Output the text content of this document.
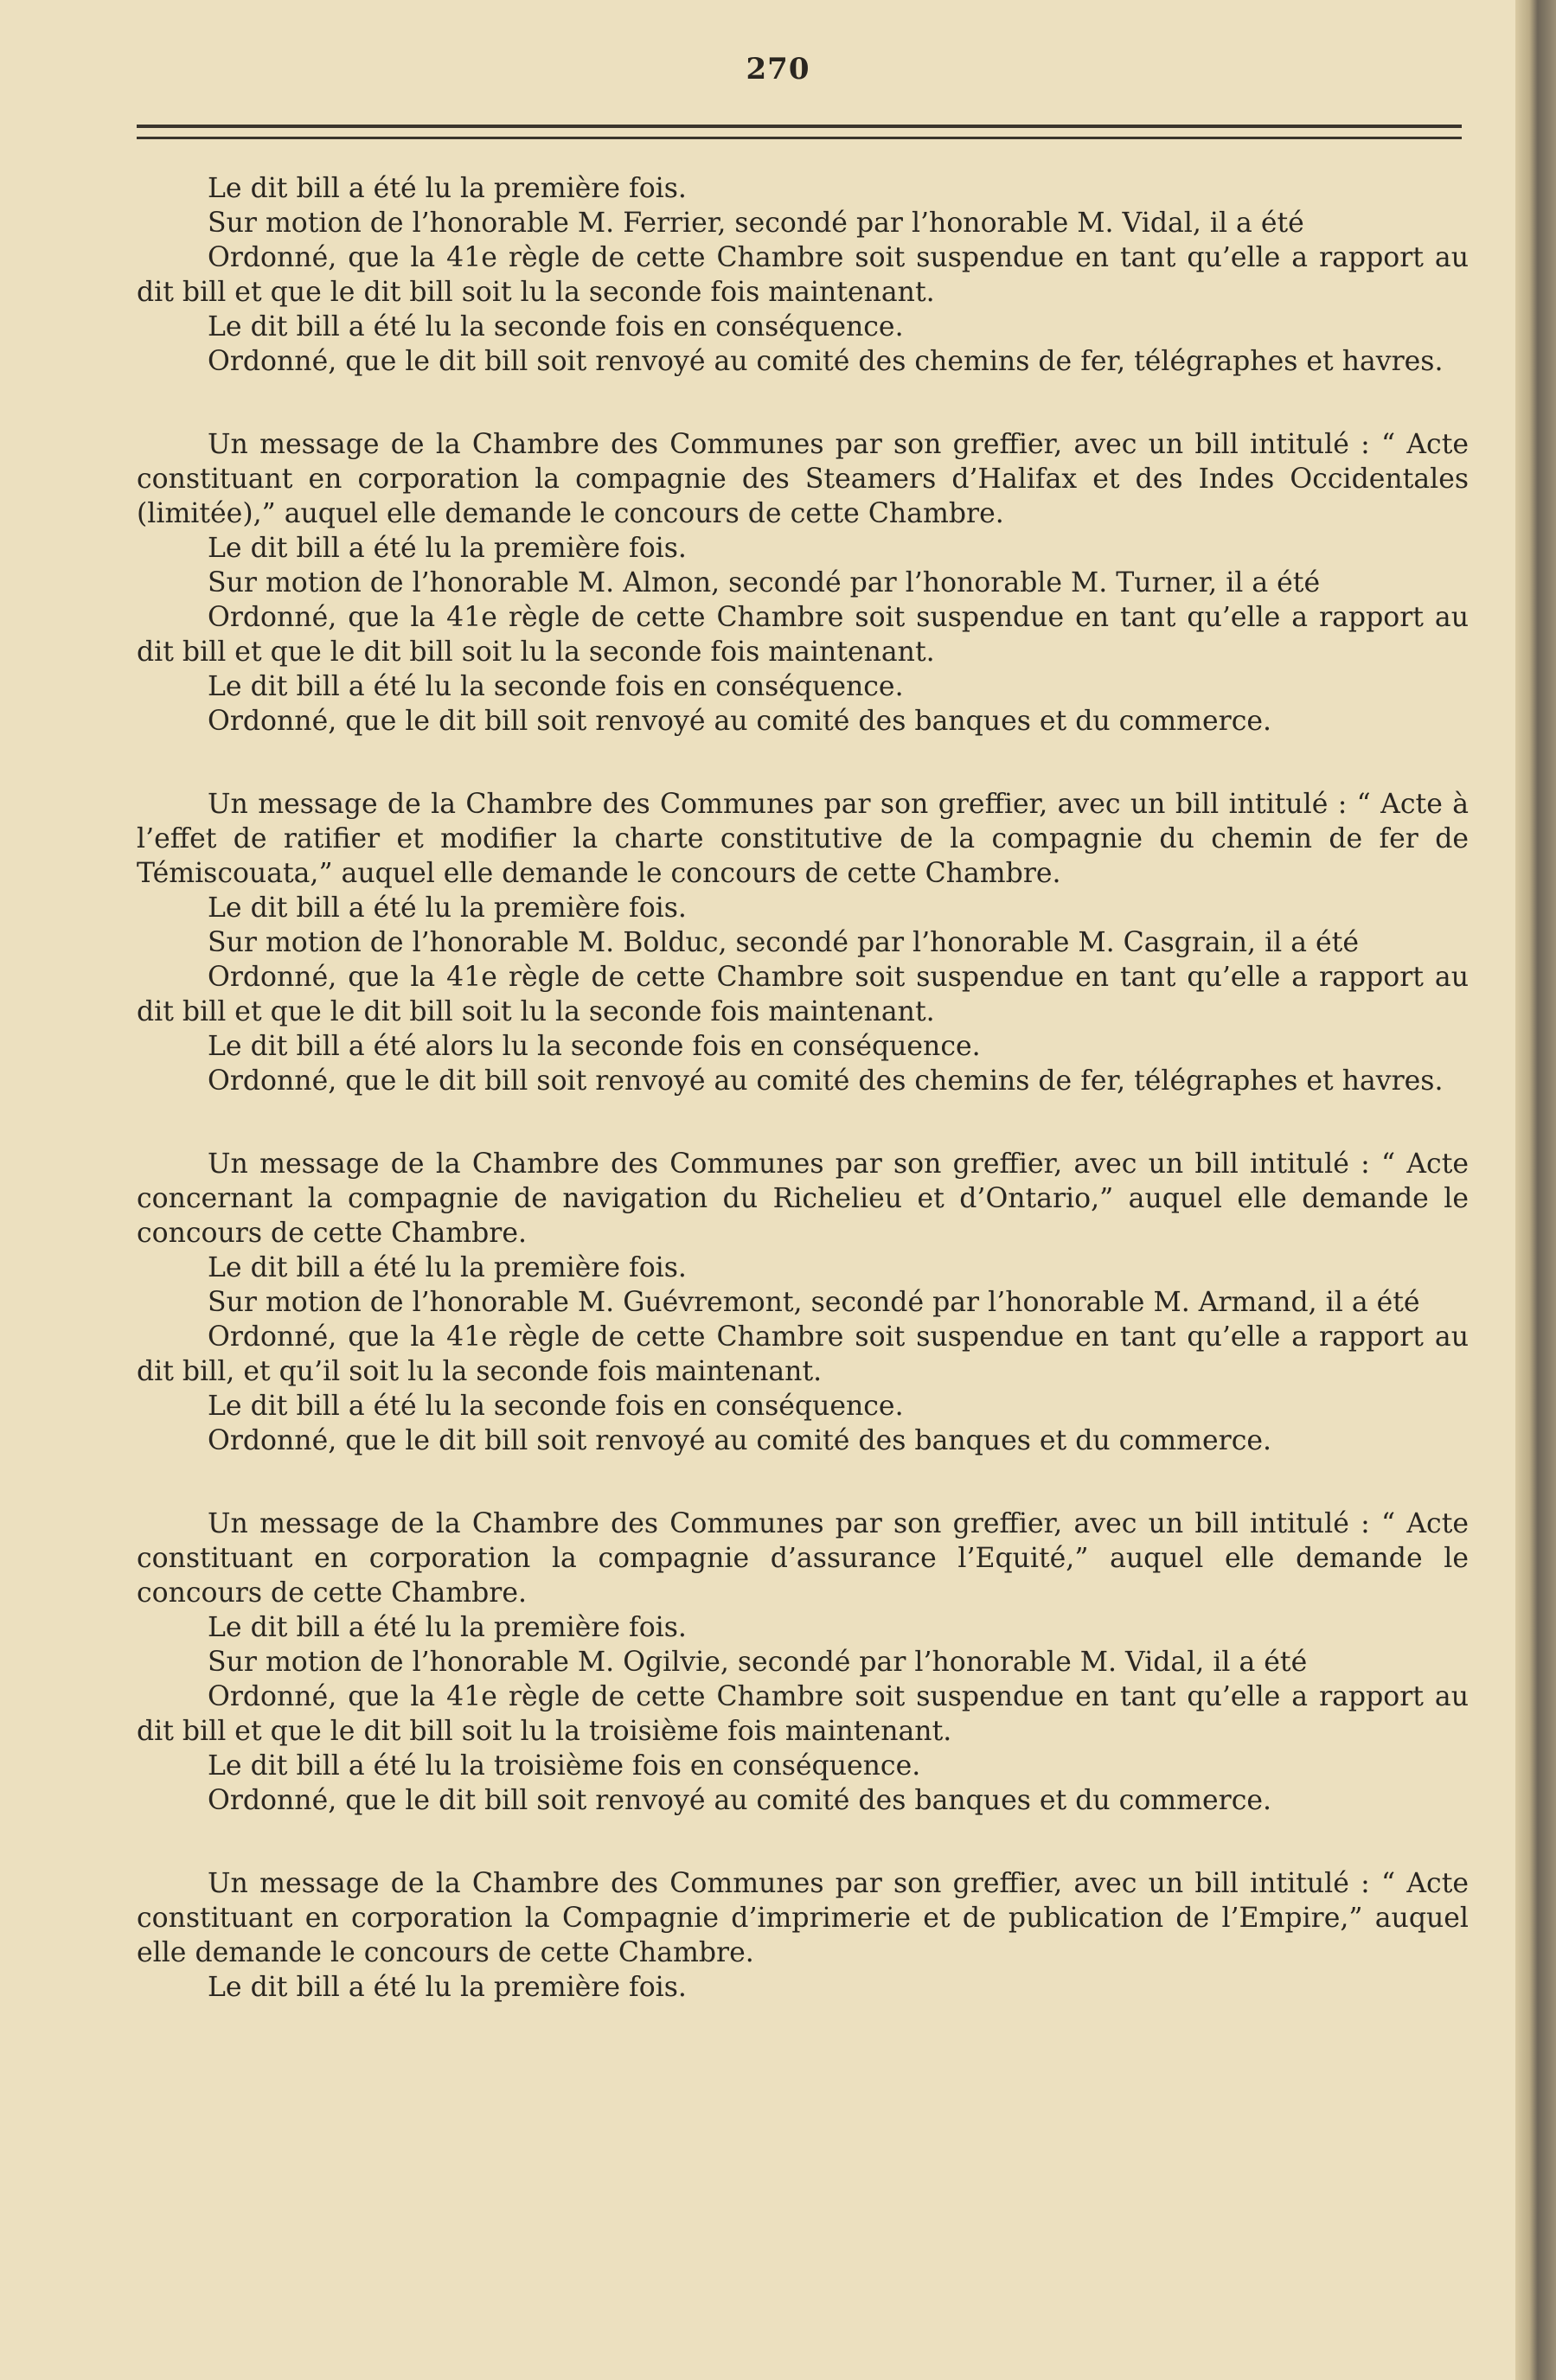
270

Le dit bill a été lu la première fois.

Sur motion de l’honorable M. Ferrier, secondé par l’honorable M. Vidal, il a été

Ordonné, que la 41e règle de cette Chambre soit suspendue en tant qu’elle a rapport au dit bill et que le dit bill soit lu la seconde fois maintenant.

Le dit bill a été lu la seconde fois en conséquence.

Ordonné, que le dit bill soit renvoyé au comité des chemins de fer, télégraphes et havres.

Un message de la Chambre des Communes par son greffier, avec un bill intitulé : “ Acte constituant en corporation la compagnie des Steamers d’Halifax et des Indes Occidentales (limitée),” auquel elle demande le concours de cette Chambre.

Le dit bill a été lu la première fois.

Sur motion de l’honorable M. Almon, secondé par l’honorable M. Turner, il a été

Ordonné, que la 41e règle de cette Chambre soit suspendue en tant qu’elle a rapport au dit bill et que le dit bill soit lu la seconde fois maintenant.

Le dit bill a été lu la seconde fois en conséquence.

Ordonné, que le dit bill soit renvoyé au comité des banques et du commerce.

Un message de la Chambre des Communes par son greffier, avec un bill intitulé : “ Acte à l’effet de ratifier et modifier la charte constitutive de la compagnie du chemin de fer de Témiscouata,” auquel elle demande le concours de cette Chambre.

Le dit bill a été lu la première fois.

Sur motion de l’honorable M. Bolduc, secondé par l’honorable M. Casgrain, il a été

Ordonné, que la 41e règle de cette Chambre soit suspendue en tant qu’elle a rapport au dit bill et que le dit bill soit lu la seconde fois maintenant.

Le dit bill a été alors lu la seconde fois en conséquence.

Ordonné, que le dit bill soit renvoyé au comité des chemins de fer, télégraphes et havres.

Un message de la Chambre des Communes par son greffier, avec un bill intitulé : “ Acte concernant la compagnie de navigation du Richelieu et d’Ontario,” auquel elle demande le concours de cette Chambre.

Le dit bill a été lu la première fois.

Sur motion de l’honorable M. Guévremont, secondé par l’honorable M. Armand, il a été

Ordonné, que la 41e règle de cette Chambre soit suspendue en tant qu’elle a rapport au dit bill, et qu’il soit lu la seconde fois maintenant.

Le dit bill a été lu la seconde fois en conséquence.

Ordonné, que le dit bill soit renvoyé au comité des banques et du commerce.

Un message de la Chambre des Communes par son greffier, avec un bill intitulé : “ Acte constituant en corporation la compagnie d’assurance l’Equité,” auquel elle demande le concours de cette Chambre.

Le dit bill a été lu la première fois.

Sur motion de l’honorable M. Ogilvie, secondé par l’honorable M. Vidal, il a été

Ordonné, que la 41e règle de cette Chambre soit suspendue en tant qu’elle a rapport au dit bill et que le dit bill soit lu la troisième fois maintenant.

Le dit bill a été lu la troisième fois en conséquence.

Ordonné, que le dit bill soit renvoyé au comité des banques et du commerce.

Un message de la Chambre des Communes par son greffier, avec un bill intitulé : “ Acte constituant en corporation la Compagnie d’imprimerie et de publication de l’Empire,” auquel elle demande le concours de cette Chambre.

Le dit bill a été lu la première fois.
